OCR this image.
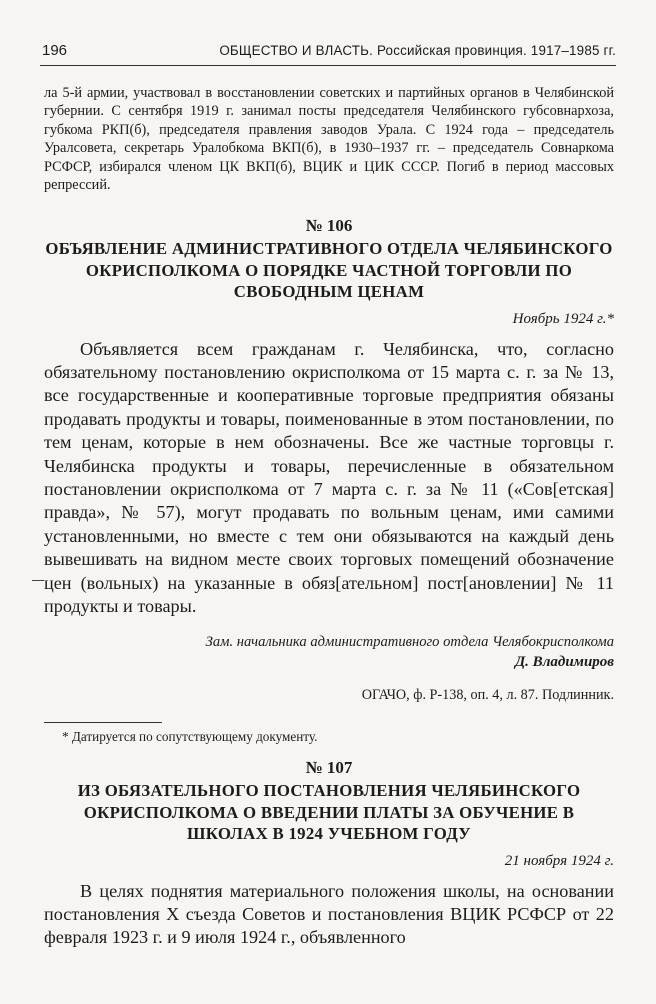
196	ОБЩЕСТВО И ВЛАСТЬ. Российская провинция. 1917–1985 гг.

ла 5-й армии, участвовал в восстановлении советских и партийных органов в Челябинской губернии. С сентября 1919 г. занимал посты председателя Челябинского губсовнархоза, губкома РКП(б), председателя правления заводов Урала. С 1924 года – председатель Уралсовета, секретарь Уралобкома ВКП(б), в 1930–1937 гг. – председатель Совнаркома РСФСР, избирался членом ЦК ВКП(б), ВЦИК и ЦИК СССР. Погиб в период массовых репрессий.

№ 106
ОБЪЯВЛЕНИЕ АДМИНИСТРАТИВНОГО ОТДЕЛА ЧЕЛЯБИНСКОГО ОКРИСПОЛКОМА О ПОРЯДКЕ ЧАСТНОЙ ТОРГОВЛИ ПО СВОБОДНЫМ ЦЕНАМ
Ноябрь 1924 г.*

Объявляется всем гражданам г. Челябинска, что, согласно обязательному постановлению окрисполкома от 15 марта с. г. за № 13, все государственные и кооперативные торговые предприятия обязаны продавать продукты и товары, поименованные в этом постановлении, по тем ценам, которые в нем обозначены. Все же частные торговцы г. Челябинска продукты и товары, перечисленные в обязательном постановлении окрисполкома от 7 марта с. г. за № 11 («Сов[етская] правда», № 57), могут продавать по вольным ценам, ими самими установленными, но вместе с тем они обязываются на каждый день вывешивать на видном месте своих торговых помещений обозначение цен (вольных) на указанные в обяз[ательном] пост[ановлении] № 11 продукты и товары.

Зам. начальника административного отдела Челябокрисполкома
Д. Владимиров
ОГАЧО, ф. Р-138, оп. 4, л. 87. Подлинник.
* Датируется по сопутствующему документу.
№ 107
ИЗ ОБЯЗАТЕЛЬНОГО ПОСТАНОВЛЕНИЯ ЧЕЛЯБИНСКОГО ОКРИСПОЛКОМА О ВВЕДЕНИИ ПЛАТЫ ЗА ОБУЧЕНИЕ В ШКОЛАХ В 1924 УЧЕБНОМ ГОДУ
21 ноября 1924 г.

В целях поднятия материального положения школы, на основании постановления X съезда Советов и постановления ВЦИК РСФСР от 22 февраля 1923 г. и 9 июля 1924 г., объявленного
